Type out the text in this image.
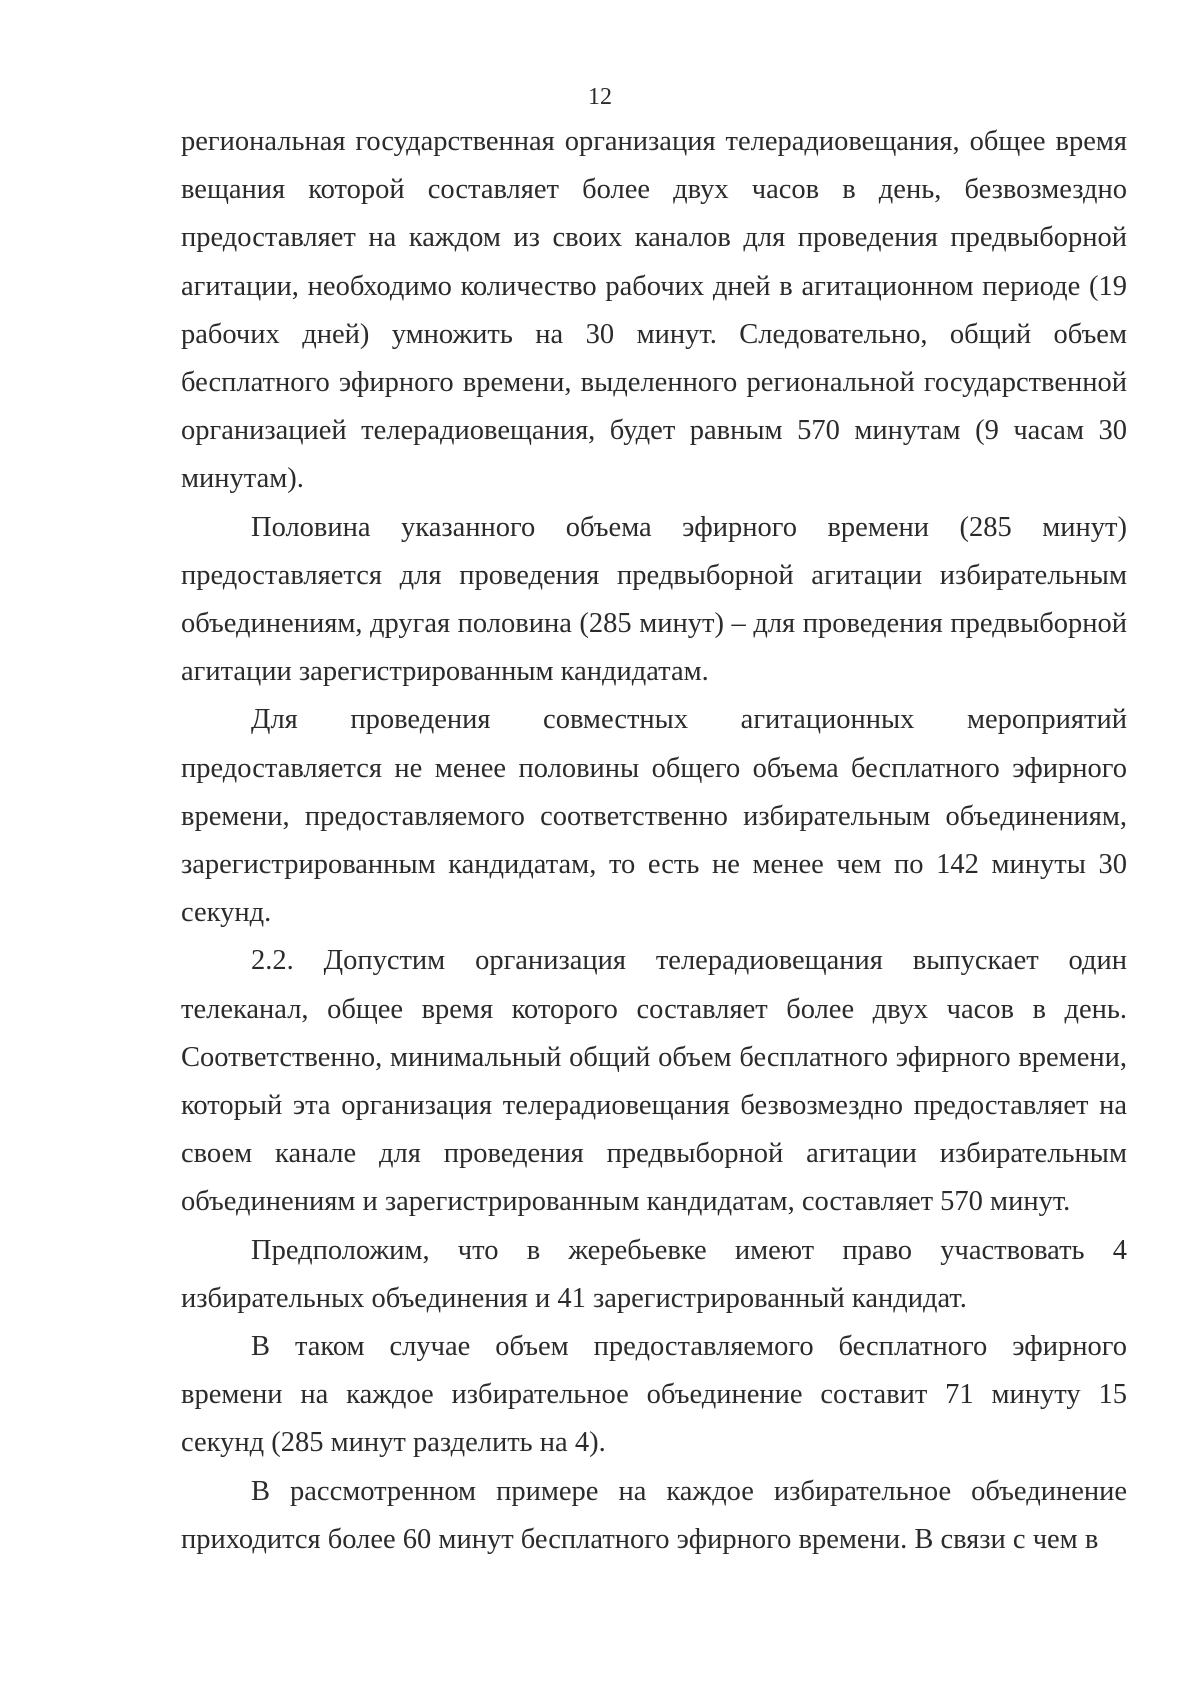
12

региональная государственная организация телерадиовещания, общее время вещания которой составляет более двух часов в день, безвозмездно предоставляет на каждом из своих каналов для проведения предвыборной агитации, необходимо количество рабочих дней в агитационном периоде (19 рабочих дней) умножить на 30 минут. Следовательно, общий объем бесплатного эфирного времени, выделенного региональной государственной организацией телерадиовещания, будет равным 570 минутам (9 часам 30 минутам).

Половина указанного объема эфирного времени (285 минут) предоставляется для проведения предвыборной агитации избирательным объединениям, другая половина (285 минут) – для проведения предвыборной агитации зарегистрированным кандидатам.

Для проведения совместных агитационных мероприятий предоставляется не менее половины общего объема бесплатного эфирного времени, предоставляемого соответственно избирательным объединениям, зарегистрированным кандидатам, то есть не менее чем по 142 минуты 30 секунд.

2.2. Допустим организация телерадиовещания выпускает один телеканал, общее время которого составляет более двух часов в день. Соответственно, минимальный общий объем бесплатного эфирного времени, который эта организация телерадиовещания безвозмездно предоставляет на своем канале для проведения предвыборной агитации избирательным объединениям и зарегистрированным кандидатам, составляет 570 минут.

Предположим, что в жеребьевке имеют право участвовать 4 избирательных объединения и 41 зарегистрированный кандидат.

В таком случае объем предоставляемого бесплатного эфирного времени на каждое избирательное объединение составит 71 минуту 15 секунд (285 минут разделить на 4).

В рассмотренном примере на каждое избирательное объединение приходится более 60 минут бесплатного эфирного времени. В связи с чем в
